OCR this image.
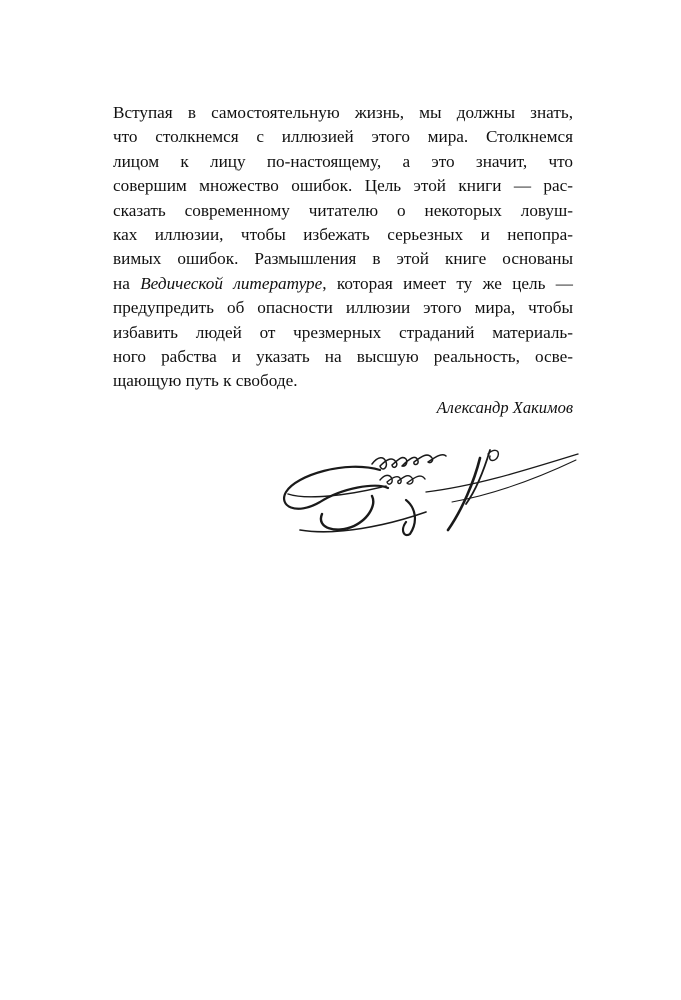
Вступая в самостоятельную жизнь, мы должны знать,
что столкнемся с иллюзией этого мира. Столкнемся
лицом к лицу по-настоящему, а это значит, что
совершим множество ошибок. Цель этой книги — рас-
сказать современному читателю о некоторых ловуш-
ках иллюзии, чтобы избежать серьезных и непопра-
вимых ошибок. Размышления в этой книге основаны
на Ведической литературе, которая имеет ту же цель —
предупредить об опасности иллюзии этого мира, чтобы
избавить людей от чрезмерных страданий материаль-
ного рабства и указать на высшую реальность, осве-
щающую путь к свободе.
Александр Хакимов
